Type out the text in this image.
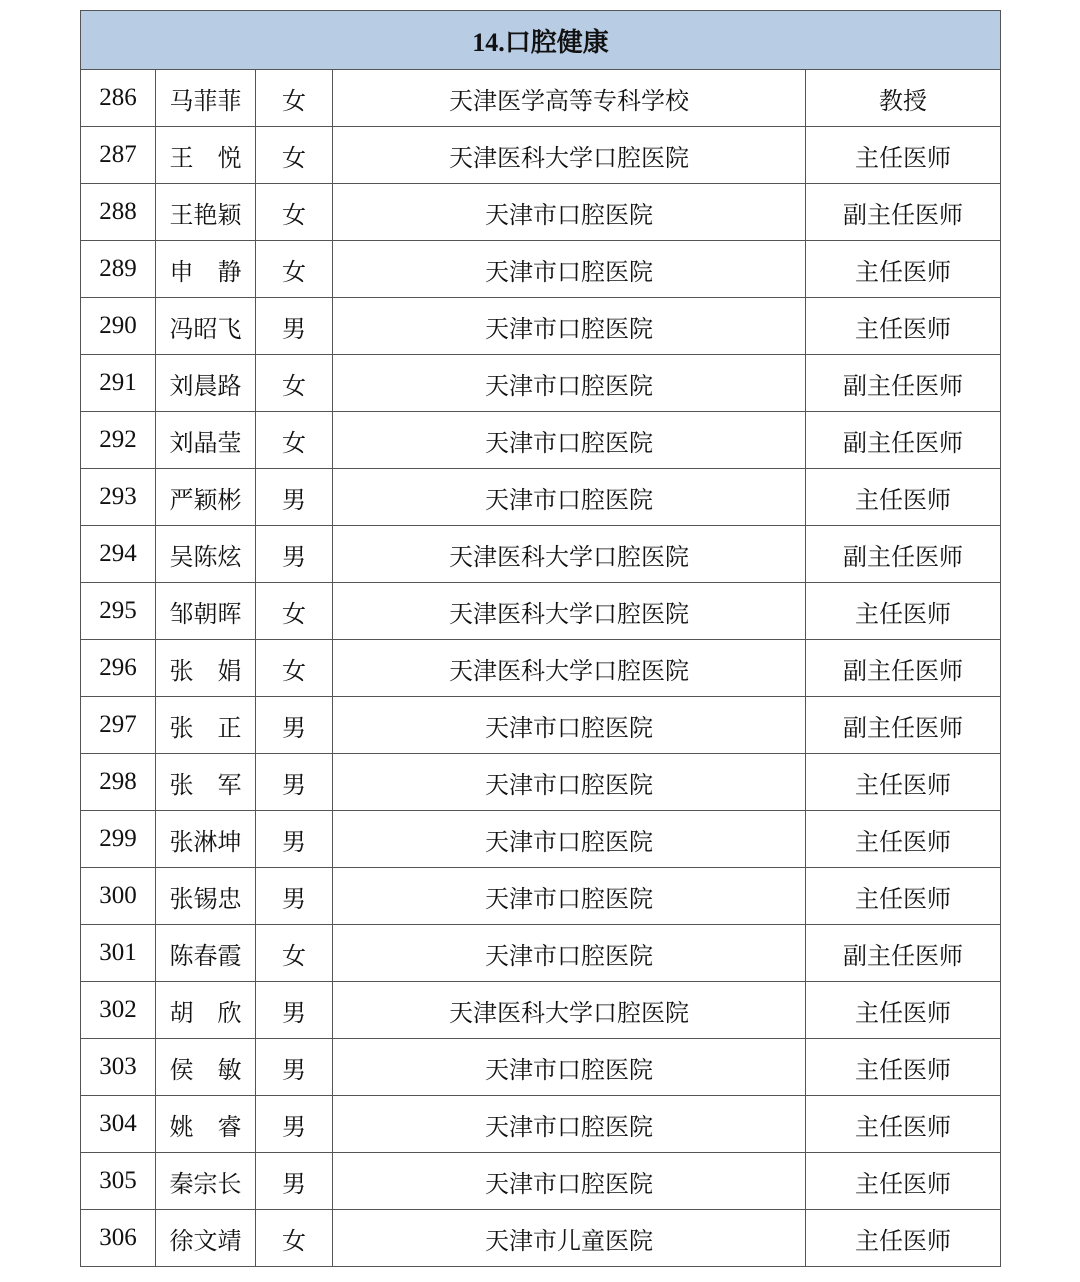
14.口腔健康				
286	马菲菲	女	天津医学高等专科学校	教授
287	王　悦	女	天津医科大学口腔医院	主任医师
288	王艳颖	女	天津市口腔医院	副主任医师
289	申　静	女	天津市口腔医院	主任医师
290	冯昭飞	男	天津市口腔医院	主任医师
291	刘晨路	女	天津市口腔医院	副主任医师
292	刘晶莹	女	天津市口腔医院	副主任医师
293	严颖彬	男	天津市口腔医院	主任医师
294	吴陈炫	男	天津医科大学口腔医院	副主任医师
295	邹朝晖	女	天津医科大学口腔医院	主任医师
296	张　娟	女	天津医科大学口腔医院	副主任医师
297	张　正	男	天津市口腔医院	副主任医师
298	张　军	男	天津市口腔医院	主任医师
299	张淋坤	男	天津市口腔医院	主任医师
300	张锡忠	男	天津市口腔医院	主任医师
301	陈春霞	女	天津市口腔医院	副主任医师
302	胡　欣	男	天津医科大学口腔医院	主任医师
303	侯　敏	男	天津市口腔医院	主任医师
304	姚　睿	男	天津市口腔医院	主任医师
305	秦宗长	男	天津市口腔医院	主任医师
306	徐文靖	女	天津市儿童医院	主任医师
